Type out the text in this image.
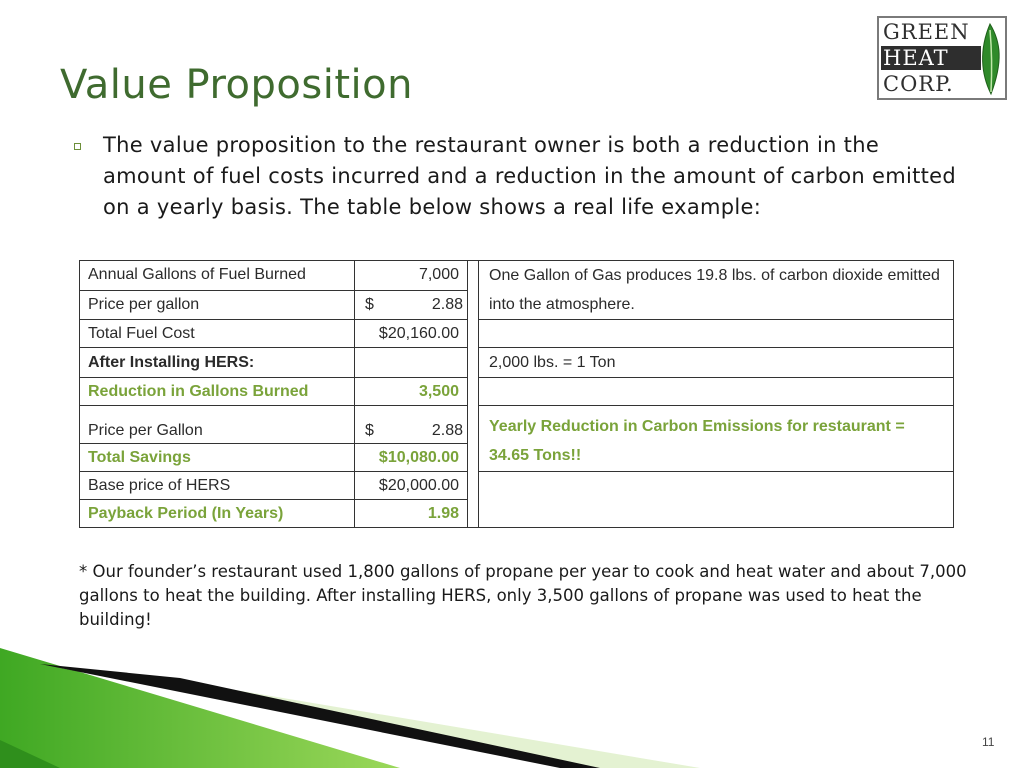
Value Proposition
GREEN
HEAT
CORP.
The value proposition to the restaurant owner is both a reduction in the amount of fuel costs incurred and a reduction in the amount of carbon emitted on a yearly basis. The table below shows a real life example:
Annual Gallons of Fuel Burned	7,000		One Gallon of Gas produces 19.8 lbs. of carbon dioxide emitted into the atmosphere.

Price per gallon	$ 2.88		

Total Fuel Cost	$20,160.00		
After Installing HERS:			2,000 lbs. = 1 Ton

Reduction in Gallons Burned	3,500		
Price per Gallon	$ 2.88		Yearly Reduction in Carbon Emissions for restaurant = 34.65 Tons!!

Total Savings	$10,080.00		
Base price of HERS	$20,000.00		
Payback Period (In Years)	1.98		
* Our founder’s restaurant used 1,800 gallons of propane per year to cook and heat water and about 7,000 gallons to heat the building. After installing HERS, only 3,500 gallons of propane was used to heat the building!
11
